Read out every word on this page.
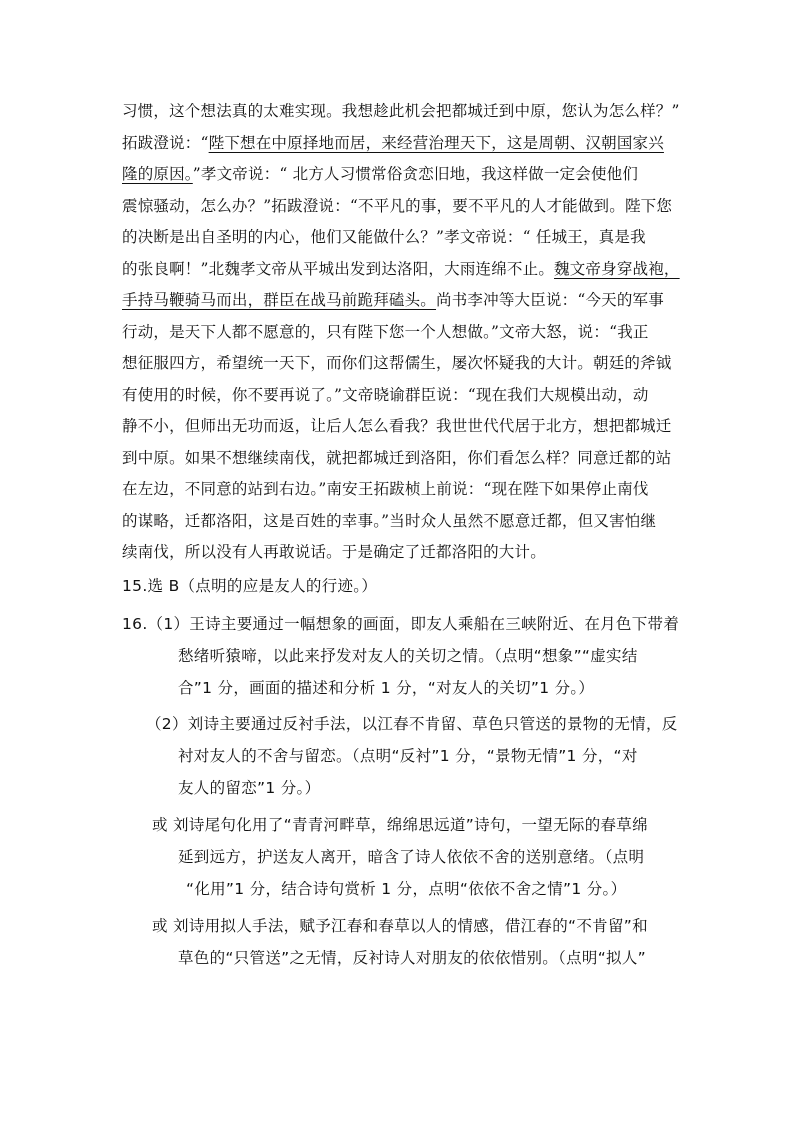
习惯，这个想法真的太难实现。我想趁此机会把都城迁到中原，您认为怎么样？”
拓跋澄说：“陛下想在中原择地而居，来经营治理天下，这是周朝、汉朝国家兴
隆的原因。”孝文帝说：“ 北方人习惯常俗贪恋旧地，我这样做一定会使他们
震惊骚动，怎么办？”拓跋澄说：“不平凡的事，要不平凡的人才能做到。陛下您
的决断是出自圣明的内心，他们又能做什么？”孝文帝说：“ 任城王，真是我
的张良啊！”北魏孝文帝从平城出发到达洛阳，大雨连绵不止。魏文帝身穿战袍，
手持马鞭骑马而出，群臣在战马前跪拜磕头。尚书李冲等大臣说：“今天的军事
行动，是天下人都不愿意的，只有陛下您一个人想做。”文帝大怒，说：“我正
想征服四方，希望统一天下，而你们这帮儒生，屡次怀疑我的大计。朝廷的斧钺
有使用的时候，你不要再说了。”文帝晓谕群臣说：“现在我们大规模出动，动
静不小，但师出无功而返，让后人怎么看我？我世世代代居于北方，想把都城迁
到中原。如果不想继续南伐，就把都城迁到洛阳，你们看怎么样？同意迁都的站
在左边，不同意的站到右边。”南安王拓跋桢上前说：“现在陛下如果停止南伐
的谋略，迁都洛阳，这是百姓的幸事。”当时众人虽然不愿意迁都，但又害怕继
续南伐，所以没有人再敢说话。于是确定了迁都洛阳的大计。
15.选 B（点明的应是友人的行迹。）
16.（1）王诗主要通过一幅想象的画面，即友人乘船在三峡附近、在月色下带着
愁绪听猿啼，以此来抒发对友人的关切之情。（点明“想象”“虚实结
合”1 分，画面的描述和分析 1 分，“对友人的关切”1 分。）
（2）刘诗主要通过反衬手法，以江春不肯留、草色只管送的景物的无情，反
衬对友人的不舍与留恋。（点明“反衬”1 分，“景物无情”1 分，“对
友人的留恋”1 分。）
或 刘诗尾句化用了“青青河畔草，绵绵思远道”诗句，一望无际的春草绵
延到远方，护送友人离开，暗含了诗人依依不舍的送别意绪。（点明
“化用”1 分，结合诗句赏析 1 分，点明“依依不舍之情”1 分。）
或 刘诗用拟人手法，赋予江春和春草以人的情感，借江春的“不肯留”和
草色的“只管送”之无情，反衬诗人对朋友的依依惜别。（点明“拟人”
